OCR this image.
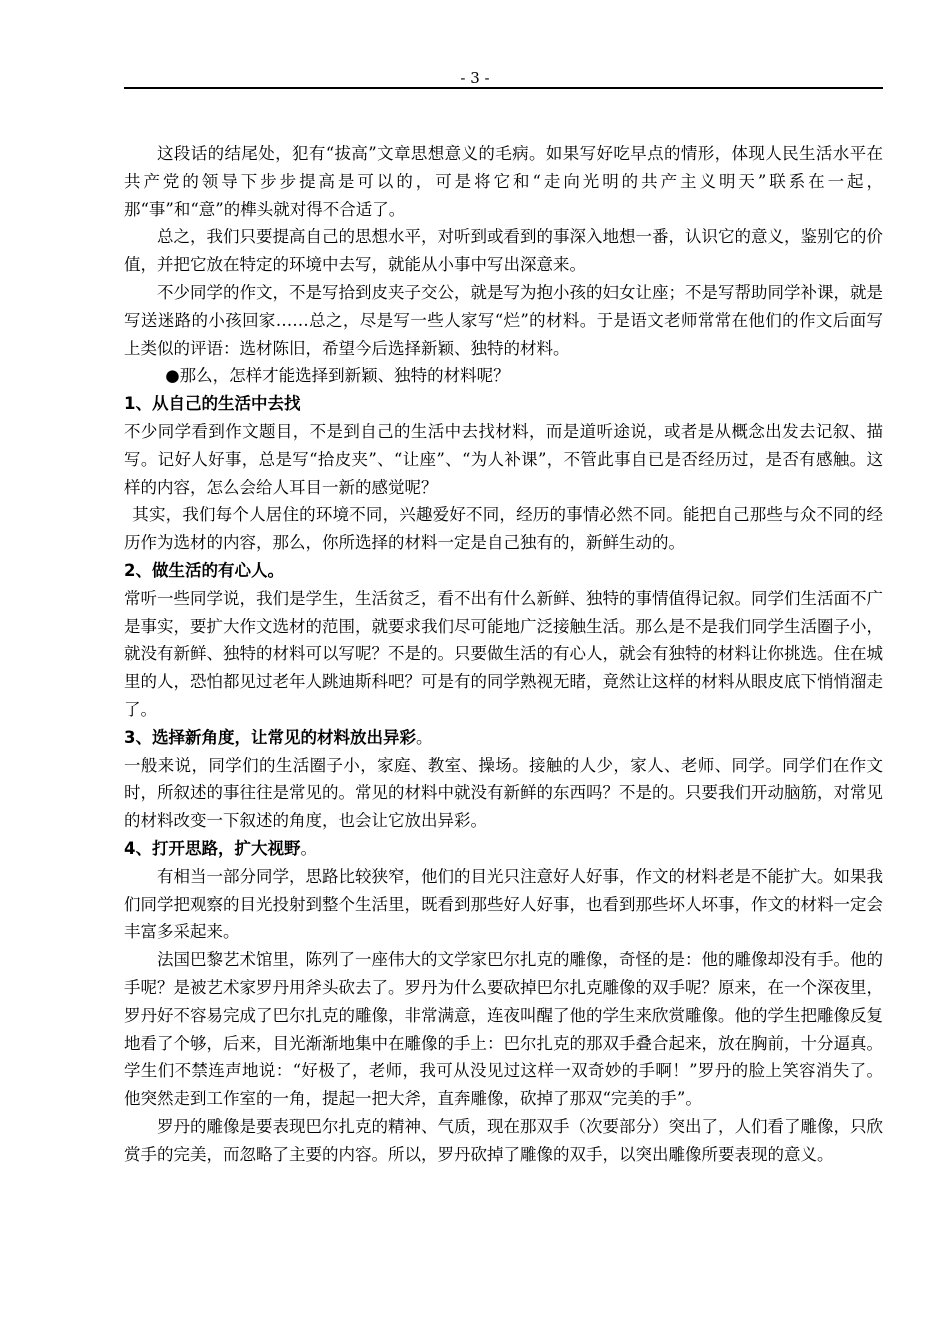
- 3 -

这段话的结尾处，犯有“拔高”文章思想意义的毛病。如果写好吃早点的情形，体现人民生活水平在共产党的领导下步步提高是可以的，可是将它和“走向光明的共产主义明天”联系在一起，那“事”和“意”的榫头就对得不合适了。

总之，我们只要提高自己的思想水平，对听到或看到的事深入地想一番，认识它的意义，鉴别它的价值，并把它放在特定的环境中去写，就能从小事中写出深意来。

不少同学的作文，不是写拾到皮夹子交公，就是写为抱小孩的妇女让座；不是写帮助同学补课，就是写送迷路的小孩回家……总之，尽是写一些人家写“烂”的材料。于是语文老师常常在他们的作文后面写上类似的评语：选材陈旧，希望今后选择新颖、独特的材料。

●那么，怎样才能选择到新颖、独特的材料呢？

1、从自己的生活中去找

不少同学看到作文题目，不是到自己的生活中去找材料，而是道听途说，或者是从概念出发去记叙、描写。记好人好事，总是写“拾皮夹”、“让座”、“为人补课”，不管此事自已是否经历过，是否有感触。这样的内容，怎么会给人耳目一新的感觉呢？

其实，我们每个人居住的环境不同，兴趣爱好不同，经历的事情必然不同。能把自己那些与众不同的经历作为选材的内容，那么，你所选择的材料一定是自己独有的，新鲜生动的。

2、做生活的有心人。

常听一些同学说，我们是学生，生活贫乏，看不出有什么新鲜、独特的事情值得记叙。同学们生活面不广是事实，要扩大作文选材的范围，就要求我们尽可能地广泛接触生活。那么是不是我们同学生活圈子小，就没有新鲜、独特的材料可以写呢？不是的。只要做生活的有心人，就会有独特的材料让你挑选。住在城里的人，恐怕都见过老年人跳迪斯科吧？可是有的同学熟视无睹，竟然让这样的材料从眼皮底下悄悄溜走了。

3、选择新角度，让常见的材料放出异彩。

一般来说，同学们的生活圈子小，家庭、教室、操场。接触的人少，家人、老师、同学。同学们在作文时，所叙述的事往往是常见的。常见的材料中就没有新鲜的东西吗？不是的。只要我们开动脑筋，对常见的材料改变一下叙述的角度，也会让它放出异彩。

4、打开思路，扩大视野。

有相当一部分同学，思路比较狭窄，他们的目光只注意好人好事，作文的材料老是不能扩大。如果我们同学把观察的目光投射到整个生活里，既看到那些好人好事，也看到那些坏人坏事，作文的材料一定会丰富多采起来。

法国巴黎艺术馆里，陈列了一座伟大的文学家巴尔扎克的雕像，奇怪的是：他的雕像却没有手。他的手呢？是被艺术家罗丹用斧头砍去了。罗丹为什么要砍掉巴尔扎克雕像的双手呢？原来，在一个深夜里，罗丹好不容易完成了巴尔扎克的雕像，非常满意，连夜叫醒了他的学生来欣赏雕像。他的学生把雕像反复地看了个够，后来，目光渐渐地集中在雕像的手上：巴尔扎克的那双手叠合起来，放在胸前，十分逼真。学生们不禁连声地说：“好极了，老师，我可从没见过这样一双奇妙的手啊！”罗丹的脸上笑容消失了。他突然走到工作室的一角，提起一把大斧，直奔雕像，砍掉了那双“完美的手”。

罗丹的雕像是要表现巴尔扎克的精神、气质，现在那双手（次要部分）突出了，人们看了雕像，只欣赏手的完美，而忽略了主要的内容。所以，罗丹砍掉了雕像的双手，以突出雕像所要表现的意义。
